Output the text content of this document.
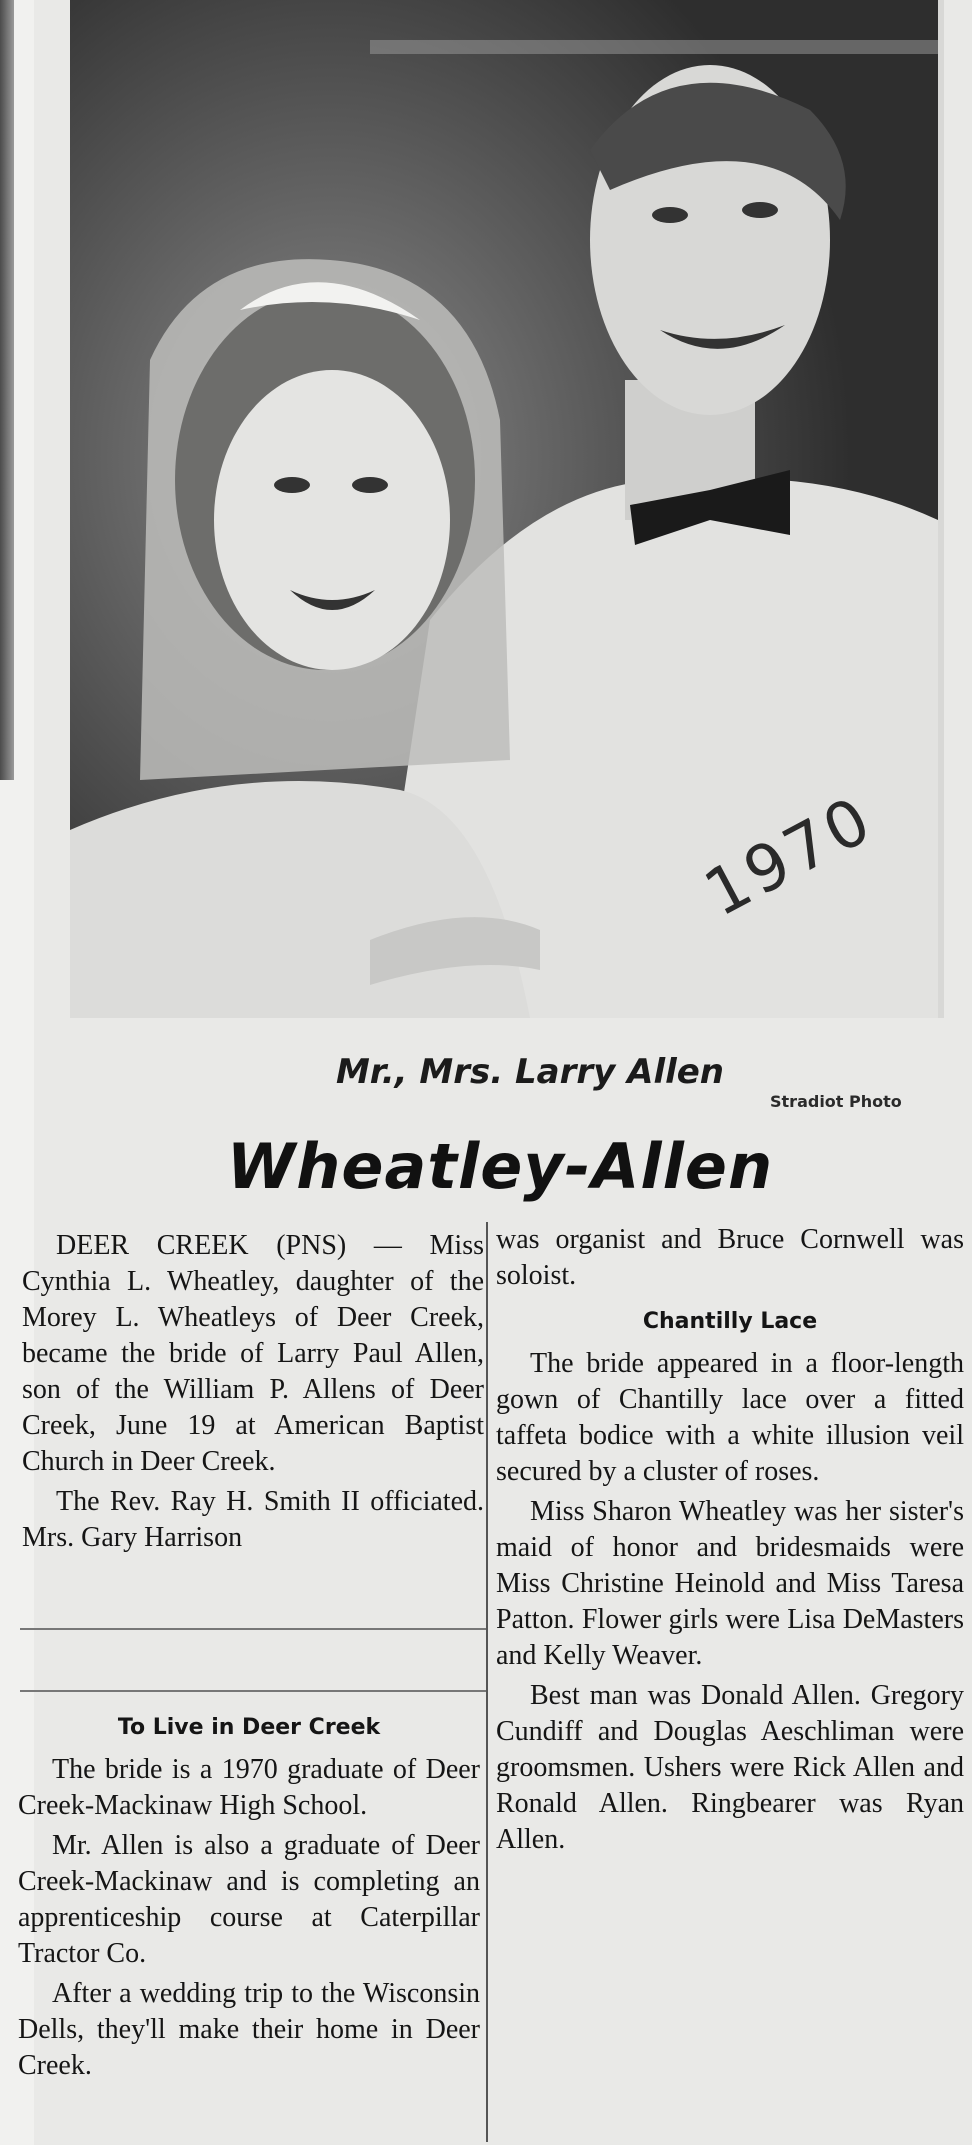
1970
Mr., Mrs. Larry Allen
Stradiot Photo
Wheatley-Allen

DEER CREEK (PNS) — Miss Cynthia L. Wheatley, daughter of the Morey L. Wheatleys of Deer Creek, became the bride of Larry Paul Allen, son of the William P. Allens of Deer Creek, June 19 at American Baptist Church in Deer Creek.

The Rev. Ray H. Smith II officiated. Mrs. Gary Harrison

To Live in Deer Creek

The bride is a 1970 graduate of Deer Creek-Mackinaw High School.

Mr. Allen is also a graduate of Deer Creek-Mackinaw and is completing an apprenticeship course at Caterpillar Tractor Co.

After a wedding trip to the Wisconsin Dells, they'll make their home in Deer Creek.

was organist and Bruce Cornwell was soloist.

Chantilly Lace

The bride appeared in a floor-length gown of Chantilly lace over a fitted taffeta bodice with a white illusion veil secured by a cluster of roses.

Miss Sharon Wheatley was her sister's maid of honor and bridesmaids were Miss Christine Heinold and Miss Taresa Patton. Flower girls were Lisa DeMasters and Kelly Weaver.

Best man was Donald Allen. Gregory Cundiff and Douglas Aeschliman were groomsmen. Ushers were Rick Allen and Ronald Allen. Ringbearer was Ryan Allen.
